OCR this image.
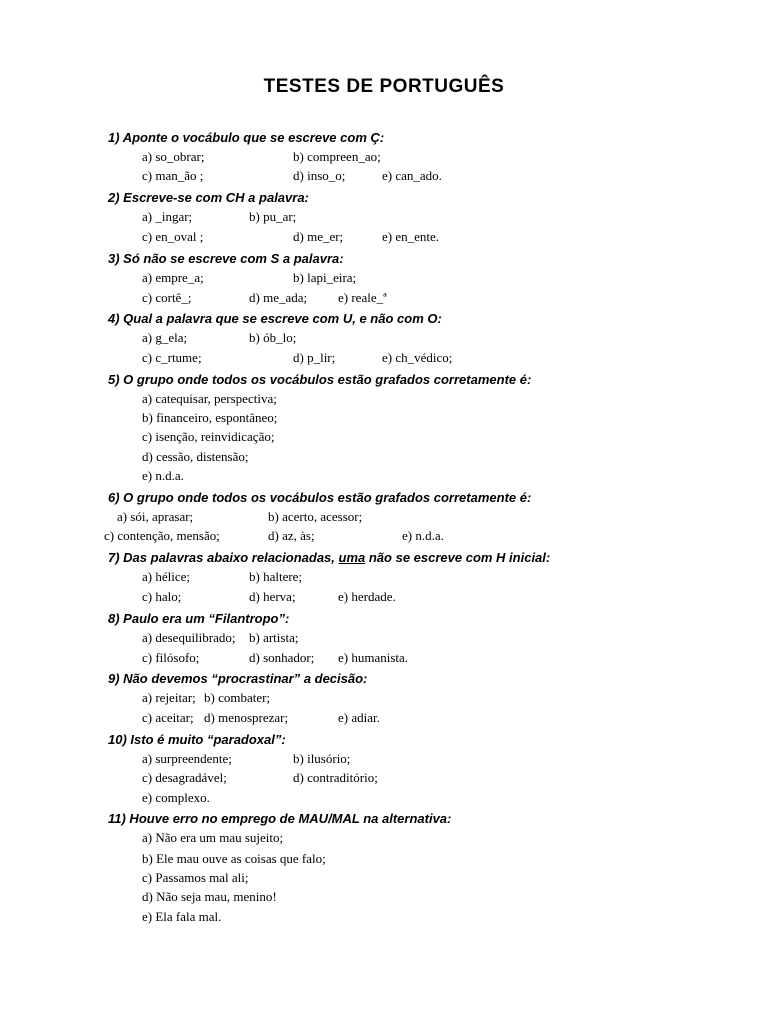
TESTES DE PORTUGUÊS
1) Aponte o vocábulo que se escreve com Ç:
a) so_obrar;	b) compreen_ao;
c) man_ão ;	d) inso_o;	e) can_ado.
2) Escreve-se com CH a palavra:
a) _ingar;	b) pu_ar;
c) en_oval ;	d) me_er;	e) en_ente.
3) Só não se escreve com S a palavra:
a) empre_a;	b) lapi_eira;
c) cortê_;	d) me_ada; e) reale_ª
4) Qual a palavra que se escreve com U, e não com O:
a) g_ela;	b) ób_lo;
c) c_rtume;	d) p_lir;	e) ch_védico;
5) O grupo onde todos os vocábulos estão grafados corretamente é:
a) catequisar, perspectiva;
b) financeiro, espontâneo;
c) isenção, reinvidicação;
d) cessão, distensão;
e) n.d.a.
6) O grupo onde todos os vocábulos estão grafados corretamente é:
a) sói, aprasar;	b) acerto, acessor;
c) contenção, mensão;	d) az, às;	e) n.d.a.
7) Das palavras abaixo relacionadas, uma não se escreve com H inicial:
a) hélice;	b) haltere;
c) halo;	d) herva;	e) herdade.
8) Paulo era um “Filantropo”:
a) desequilibrado; b) artista;
c) filósofo;	d) sonhador; e) humanista.
9) Não devemos “procrastinar” a decisão:
a) rejeitar; b) combater;
c) aceitar; d) menosprezar;	e) adiar.
10) Isto é muito “paradoxal”:
a) surpreendente;	b) ilusório;
c) desagradável;	d) contraditório;
e) complexo.
11) Houve erro no emprego de MAU/MAL na alternativa:
a) Não era um mau sujeito;
b) Ele mau ouve as coisas que falo;
c) Passamos mal ali;
d) Não seja mau, menino!
e) Ela fala mal.
